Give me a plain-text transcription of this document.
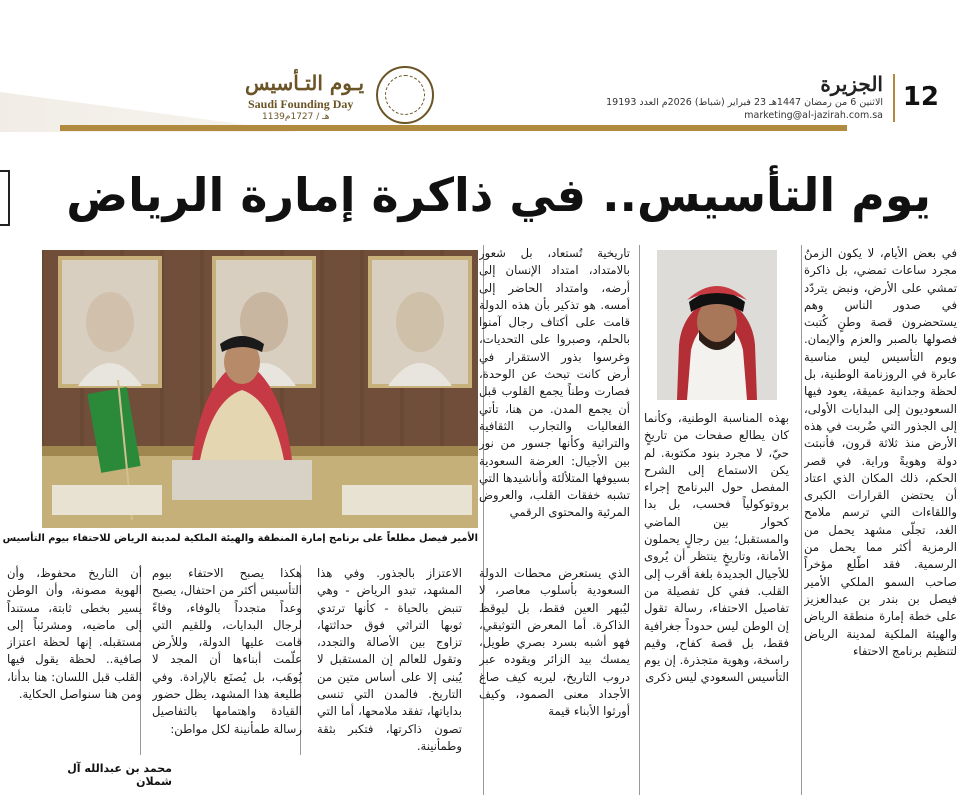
12
الجزيرة
الاثنين 6 من رمضان 1447هـ 23 فبراير (شباط) 2026م العدد 19193
marketing@al-jazirah.com.sa
يـوم التـأسيس
Saudi Founding Day
1139هـ / 1727م
يوم التأسيس.. في ذاكرة إمارة الرياض
الأمير فيصل مطلعاً على برنامج إمارة المنطقة والهيئة الملكية لمدينة الرياض للاحتفاء بيوم التأسيس

في بعض الأيام، لا يكون الزمنُ مجرد ساعات تمضي، بل ذاكرة تمشي على الأرض، ونبض يتردّد في صدور الناس وهم يستحضرون قصة وطنٍ كُتبت فصولها بالصبر والعزم والإيمان. ويوم التأسيس ليس مناسبة عابرة في الروزنامة الوطنية، بل لحظة وجدانية عميقة، يعود فيها السعوديون إلى البدايات الأولى، إلى الجذور التي ضُربت في هذه الأرض منذ ثلاثة قرون، فأنبتت دولة وهويةً وراية. في قصر الحكم، ذلك المكان الذي اعتاد أن يحتضن القرارات الكبرى واللقاءات التي ترسم ملامح الغد، تجلّى مشهد يحمل من الرمزية أكثر مما يحمل من الرسمية. فقد اطّلع مؤخراً صاحب السمو الملكي الأمير فيصل بن بندر بن عبدالعزيز على خطة إمارة منطقة الرياض والهيئة الملكية لمدينة الرياض لتنظيم برنامج الاحتفاء

بهذه المناسبة الوطنية، وكأنما كان يطالع صفحات من تاريخٍ حيّ، لا مجرد بنود مكتوبة. لم يكن الاستماع إلى الشرح المفصل حول البرنامج إجراء بروتوكولياً فحسب، بل بدا كحوار بين الماضي والمستقبل؛ بين رجالٍ يحملون الأمانة، وتاريخٍ ينتظر أن يُروى للأجيال الجديدة بلغة أقرب إلى القلب. ففي كل تفصيلة من تفاصيل الاحتفاء، رسالة تقول إن الوطن ليس حدوداً جغرافية فقط، بل قصة كفاح، وقيم راسخة، وهوية متجذرة. إن يوم التأسيس السعودي ليس ذكرى

تاريخية تُستعاد، بل شعور بالامتداد، امتداد الإنسان إلى أرضه، وامتداد الحاضر إلى أمسه. هو تذكير بأن هذه الدولة قامت على أكتاف رجال آمنوا بالحلم، وصبروا على التحديات، وغرسوا بذور الاستقرار في أرض كانت تبحث عن الوحدة، فصارت وطناً يجمع القلوب قبل أن يجمع المدن. من هنا، تأتي الفعاليات والتجارب الثقافية والتراثية وكأنها جسور من نور بين الأجيال: العرضة السعودية بسيوفها المتلألئة وأناشيدها التي تشبه خفقات القلب، والعروض المرئية والمحتوى الرقمي

الذي يستعرض محطات الدولة السعودية بأسلوب معاصر، لا ليُبهر العين فقط، بل ليوقظ الذاكرة. أما المعرض التوثيقي، فهو أشبه بسرد بصري طويل، يمسك بيد الزائر ويقوده عبر دروب التاريخ، ليريه كيف صاغ الأجداد معنى الصمود، وكيف أورثوا الأبناء قيمة

الاعتزاز بالجذور. وفي هذا المشهد، تبدو الرياض - وهي تنبض بالحياة - كأنها ترتدي ثوبها التراثي فوق حداثتها، تزاوج بين الأصالة والتجدد، وتقول للعالم إن المستقبل لا يُبنى إلا على أساس متين من التاريخ. فالمدن التي تنسى بداياتها، تفقد ملامحها، أما التي تصون ذاكرتها، فتكبر بثقة وطمأنينة.

هكذا يصبح الاحتفاء بيوم التأسيس أكثر من احتفال، يصبح وعداً متجدداً بالوفاء، وفاءً لرجال البدايات، وللقيم التي قامت عليها الدولة، وللأرض علّمت أبناءها أن المجد لا يُوهَب، بل يُصنَع بالإرادة. وفي طليعة هذا المشهد، يظل حضور القيادة واهتمامها بالتفاصيل رسالة طمأنينة لكل مواطن:

أن التاريخ محفوظ، وأن الهوية مصونة، وأن الوطن يسير بخطى ثابتة، مستنداً إلى ماضيه، ومشرئباً إلى مستقبله. إنها لحظة اعتزاز صافية.. لحظة يقول فيها القلب قبل اللسان: هنا بدأنا، ومن هنا سنواصل الحكاية.

محمد بن عبدالله آل شملان
